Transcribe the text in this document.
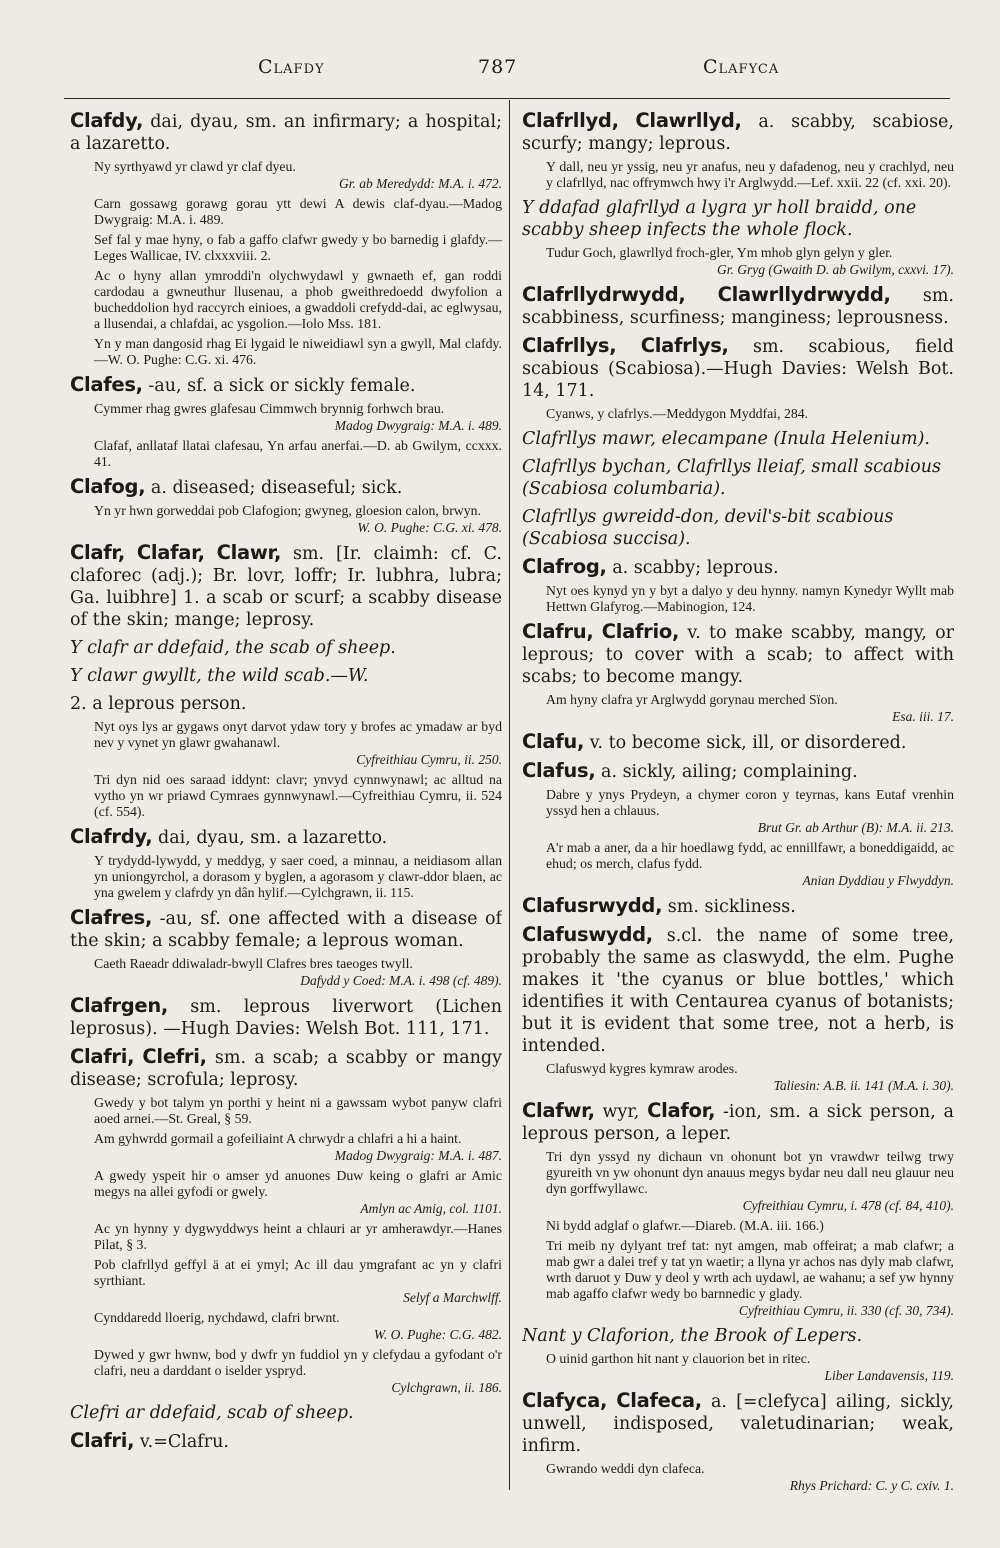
Clafdy	787	Clafyca
Clafdy, dai, dyau, sm. an infirmary; a hospital; a lazaretto.
Ny syrthyawd yr clawd yr claf dyeu.
Gr. ab Meredydd: M.A. i. 472.
Carn gossawg gorawg gorau ytt dewi A dewis claf-dyau.—Madog Dwygraig: M.A. i. 489.
Sef fal y mae hyny, o fab a gaffo clafwr gwedy y bo barnedig i glafdy.—Leges Wallicae, IV. clxxxviii. 2.
Ac o hyny allan ymroddi'n olychwydawl y gwnaeth ef, gan roddi cardodau a gwneuthur llusenau, a phob gweithredoedd dwyfolion a bucheddolion hyd raccyrch einioes, a gwaddoli crefydd-dai, ac eglwysau, a llusendai, a chlafdai, ac ysgolion.—Iolo Mss. 181.
Yn y man dangosid rhag Ei lygaid le niweidiawl syn a gwyll, Mal clafdy.—W. O. Pughe: C.G. xi. 476.
Clafes, -au, sf. a sick or sickly female.
Cymmer rhag gwres glafesau Cimmwch brynnig forhwch brau.
Madog Dwygraig: M.A. i. 489.
Clafaf, anllataf llatai clafesau, Yn arfau anerfai.—D. ab Gwilym, ccxxx. 41.
Clafog, a. diseased; diseaseful; sick.
Yn yr hwn gorweddai pob Clafogion; gwyneg, gloesion calon, brwyn.
W. O. Pughe: C.G. xi. 478.
Clafr, Clafar, Clawr, sm. [Ir. claimh: cf. C. claforec (adj.); Br. lovr, loffr; Ir. lubhra, lubra; Ga. luibhre] 1. a scab or scurf; a scabby disease of the skin; mange; leprosy.
Y clafr ar ddefaid, the scab of sheep.
Y clawr gwyllt, the wild scab.—W.
2. a leprous person.
Nyt oys lys ar gygaws onyt darvot ydaw tory y brofes ac ymadaw ar byd nev y vynet yn glawr gwahanawl.
Cyfreithiau Cymru, ii. 250.
Tri dyn nid oes saraad iddynt: clavr; ynvyd cynnwynawl; ac alltud na vytho yn wr priawd Cymraes gynnwynawl.—Cyfreithiau Cymru, ii. 524 (cf. 554).
Clafrdy, dai, dyau, sm. a lazaretto.
Y trydydd-lywydd, y meddyg, y saer coed, a minnau, a neidiasom allan yn uniongyrchol, a dorasom y byglen, a agorasom y clawr-ddor blaen, ac yna gwelem y clafrdy yn dân hylif.—Cylchgrawn, ii. 115.
Clafres, -au, sf. one affected with a disease of the skin; a scabby female; a leprous woman.
Caeth Raeadr ddiwaladr-bwyll Clafres bres taeoges twyll.
Dafydd y Coed: M.A. i. 498 (cf. 489).
Clafrgen, sm. leprous liverwort (Lichen leprosus). —Hugh Davies: Welsh Bot. 111, 171.
Clafri, Clefri, sm. a scab; a scabby or mangy disease; scrofula; leprosy.
Gwedy y bot talym yn porthi y heint ni a gawssam wybot panyw clafri aoed arnei.—St. Greal, § 59.
Am gyhwrdd gormail a gofeiliaint A chrwydr a chlafri a hi a haint.
Madog Dwygraig: M.A. i. 487.
A gwedy yspeit hir o amser yd anuones Duw keing o glafri ar Amic megys na allei gyfodi or gwely.
Amlyn ac Amig, col. 1101.
Ac yn hynny y dygwyddwys heint a chlauri ar yr amherawdyr.—Hanes Pilat, § 3.
Pob clafrllyd geffyl ä at ei ymyl; Ac ill dau ymgrafant ac yn y clafri syrthiant.
Selyf a Marchwlff.
Cynddaredd lloerig, nychdawd, clafri brwnt.
W. O. Pughe: C.G. 482.
Dywed y gwr hwnw, bod y dwfr yn fuddiol yn y clefydau a gyfodant o'r clafri, neu a darddant o iselder yspryd.
Cylchgrawn, ii. 186.
Clefri ar ddefaid, scab of sheep.
Clafri, v.=Clafru.
Clafrllyd, Clawrllyd, a. scabby, scabiose, scurfy; mangy; leprous.
Y dall, neu yr yssig, neu yr anafus, neu y dafadenog, neu y crachlyd, neu y clafrllyd, nac offrymwch hwy i'r Arglwydd.—Lef. xxii. 22 (cf. xxi. 20).
Y ddafad glafrllyd a lygra yr holl braidd, one scabby sheep infects the whole flock.
Tudur Goch, glawrllyd froch-gler, Ym mhob glyn gelyn y gler.
Gr. Gryg (Gwaith D. ab Gwilym, cxxvi. 17).
Clafrllydrwydd, Clawrllydrwydd, sm. scabbiness, scurfiness; manginess; leprousness.
Clafrllys, Clafrlys, sm. scabious, field scabious (Scabiosa).—Hugh Davies: Welsh Bot. 14, 171.
Cyanws, y clafrlys.—Meddygon Myddfai, 284.
Clafrllys mawr, elecampane (Inula Helenium).
Clafrllys bychan, Clafrllys lleiaf, small scabious (Scabiosa columbaria).
Clafrllys gwreidd-don, devil's-bit scabious (Scabiosa succisa).
Clafrog, a. scabby; leprous.
Nyt oes kynyd yn y byt a dalyo y deu hynny. namyn Kynedyr Wyllt mab Hettwn Glafyrog.—Mabinogion, 124.
Clafru, Clafrio, v. to make scabby, mangy, or leprous; to cover with a scab; to affect with scabs; to become mangy.
Am hyny clafra yr Arglwydd gorynau merched Sïon.
Esa. iii. 17.
Clafu, v. to become sick, ill, or disordered.
Clafus, a. sickly, ailing; complaining.
Dabre y ynys Prydeyn, a chymer coron y teyrnas, kans Eutaf vrenhin yssyd hen a chlauus.
Brut Gr. ab Arthur (B): M.A. ii. 213.
A'r mab a aner, da a hir hoedlawg fydd, ac ennillfawr, a boneddigaidd, ac ehud; os merch, clafus fydd.
Anian Dyddiau y Flwyddyn.
Clafusrwydd, sm. sickliness.
Clafuswydd, s.cl. the name of some tree, probably the same as claswydd, the elm. Pughe makes it 'the cyanus or blue bottles,' which identifies it with Centaurea cyanus of botanists; but it is evident that some tree, not a herb, is intended.
Clafuswyd kygres kymraw arodes.
Taliesin: A.B. ii. 141 (M.A. i. 30).
Clafwr, wyr, Clafor, -ion, sm. a sick person, a leprous person, a leper.
Tri dyn yssyd ny dichaun vn ohonunt bot yn vrawdwr teilwg trwy gyureith vn yw ohonunt dyn anauus megys bydar neu dall neu glauur neu dyn gorffwyllawc.
Cyfreithiau Cymru, i. 478 (cf. 84, 410).
Ni bydd adglaf o glafwr.—Diareb. (M.A. iii. 166.)
Tri meib ny dylyant tref tat: nyt amgen, mab offeirat; a mab clafwr; a mab gwr a dalei tref y tat yn waetir; a llyna yr achos nas dyly mab clafwr, wrth daruot y Duw y deol y wrth ach uydawl, ae wahanu; a sef yw hynny mab agaffo clafwr wedy bo barnnedic y glady.
Cyfreithiau Cymru, ii. 330 (cf. 30, 734).
Nant y Claforion, the Brook of Lepers.
O uinid garthon hit nant y clauorion bet in ritec.
Liber Landavensis, 119.
Clafyca, Clafeca, a. [=clefyca] ailing, sickly, unwell, indisposed, valetudinarian; weak, infirm.
Gwrando weddi dyn clafeca.
Rhys Prichard: C. y C. cxiv. 1.
